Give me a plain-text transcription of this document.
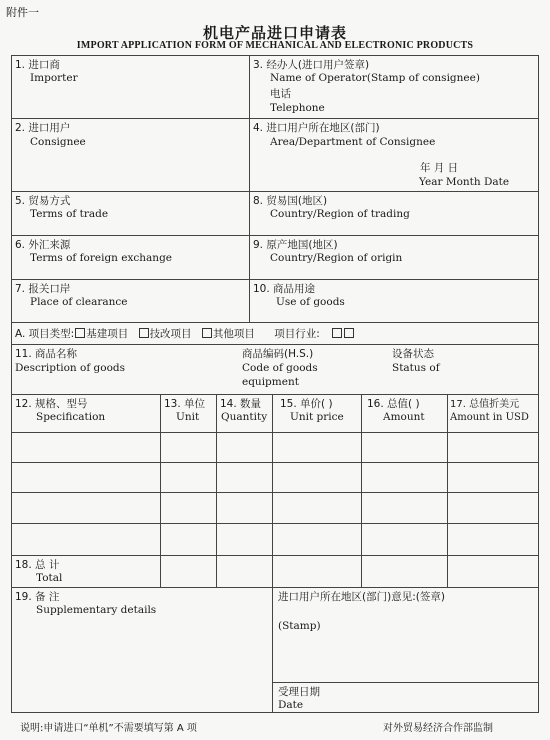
附件一
机电产品进口申请表
IMPORT APPLICATION FORM OF MECHANICAL AND ELECTRONIC PRODUCTS
1. 进口商
Importer
3. 经办人(进口用户签章)
Name of Operator(Stamp of consignee)
电话
Telephone
2. 进口用户
Consignee
4. 进口用户所在地区(部门)
Area/Department of Consignee
年 月 日
Year Month Date
5. 贸易方式
Terms of trade
8. 贸易国(地区)
Country/Region of trading
6. 外汇来源
Terms of foreign exchange
9. 原产地国(地区)
Country/Region of origin
7. 报关口岸
Place of clearance
10. 商品用途
Use of goods
A. 项目类型: 基建项目 技改项目 其他项目 项目行业:
11. 商品名称
Description of goods
商品编码(H.S.)
Code of goods
equipment
设备状态
Status of
12. 规格、型号
Specification
13. 单位
Unit
14. 数量
Quantity
15. 单价( )
Unit price
16. 总值( )
Amount
17. 总值折美元
Amount in USD
18. 总 计
Total
19. 备 注
Supplementary details
进口用户所在地区(部门)意见:(签章)
(Stamp)
受理日期
Date
说明:申请进口“单机”不需要填写第 A 项	对外贸易经济合作部监制
